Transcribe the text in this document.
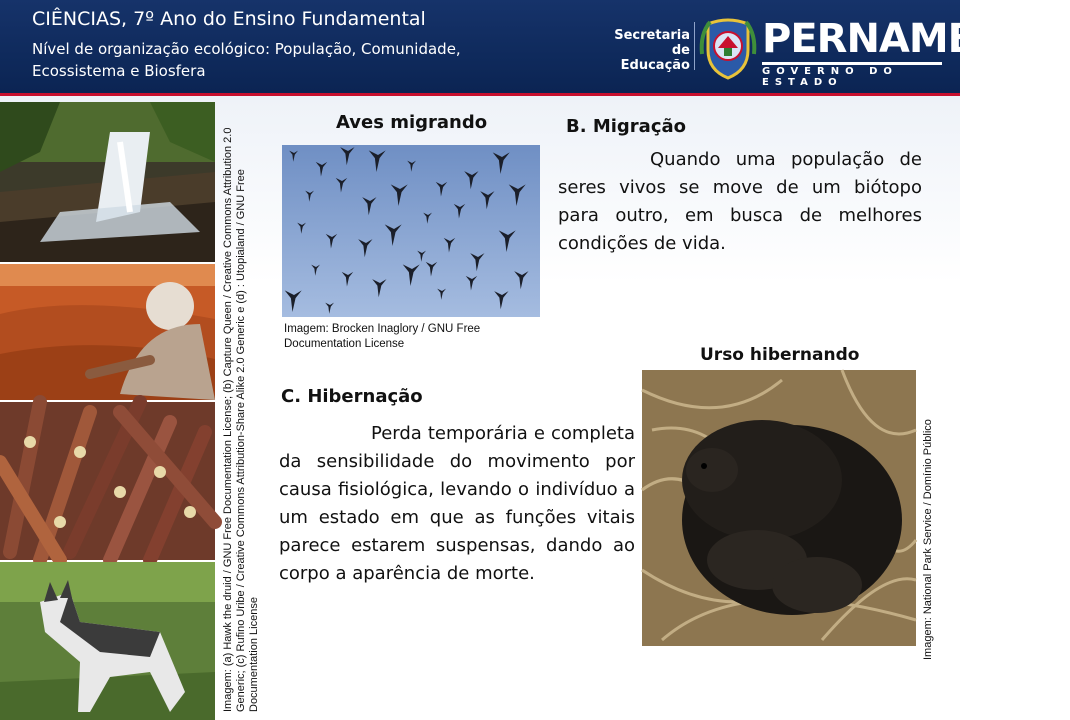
CIÊNCIAS, 7º Ano do Ensino Fundamental
Nível de organização ecológico: População, Comunidade, Ecossistema e Biosfera
Secretaria de
Educação
PERNAMBUCO
GOVERNO DO ESTADO
Imagem: (a) Hawk the druid / GNU Free Documentation License; (b) Capture Queen / Creative Commons Attribution 2.0 Generic; (c) Rufino Uribe / Creative Commons Attribution-Share Alike 2.0 Generic e (d) : Utopialand / GNU Free Documentation License
Aves migrando
Imagem: Brocken Inaglory / GNU Free Documentation License
B. Migração
Quando uma população de seres vivos se move de um biótopo para outro, em busca de melhores condições de vida.
Urso hibernando
Imagem: National Park Service / Domínio Público
C. Hibernação
Perda temporária e completa da sensibilidade do movimento por causa fisiológica, levando o indivíduo a um estado em que as funções vitais parece estarem suspensas, dando ao corpo a aparência de morte.
